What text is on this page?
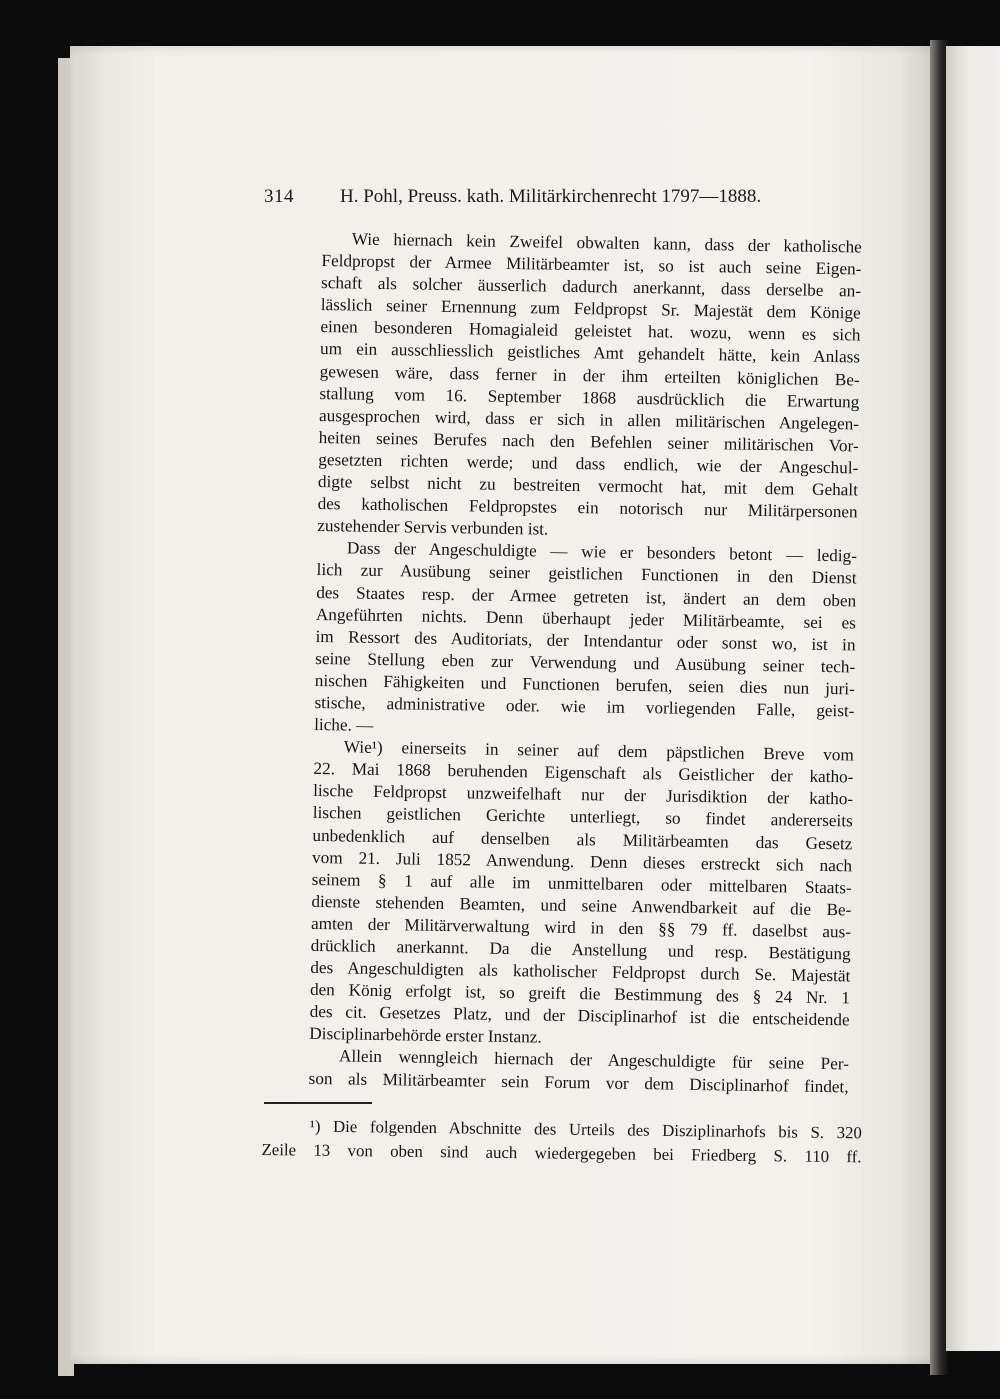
314 H. Pohl, Preuss. kath. Militärkirchenrecht 1797—1888.
Wie hiernach kein Zweifel obwalten kann, dass der katholische
Feldpropst der Armee Militärbeamter ist, so ist auch seine Eigen-
schaft als solcher äusserlich dadurch anerkannt, dass derselbe an-
lässlich seiner Ernennung zum Feldpropst Sr. Majestät dem Könige
einen besonderen Homagialeid geleistet hat. wozu, wenn es sich
um ein ausschliesslich geistliches Amt gehandelt hätte, kein Anlass
gewesen wäre, dass ferner in der ihm erteilten königlichen Be-
stallung vom 16. September 1868 ausdrücklich die Erwartung
ausgesprochen wird, dass er sich in allen militärischen Angelegen-
heiten seines Berufes nach den Befehlen seiner militärischen Vor-
gesetzten richten werde; und dass endlich, wie der Angeschul-
digte selbst nicht zu bestreiten vermocht hat, mit dem Gehalt
des katholischen Feldpropstes ein notorisch nur Militärpersonen
zustehender Servis verbunden ist.
Dass der Angeschuldigte — wie er besonders betont — ledig-
lich zur Ausübung seiner geistlichen Functionen in den Dienst
des Staates resp. der Armee getreten ist, ändert an dem oben
Angeführten nichts. Denn überhaupt jeder Militärbeamte, sei es
im Ressort des Auditoriats, der Intendantur oder sonst wo, ist in
seine Stellung eben zur Verwendung und Ausübung seiner tech-
nischen Fähigkeiten und Functionen berufen, seien dies nun juri-
stische, administrative oder. wie im vorliegenden Falle, geist-
liche. —
Wie¹) einerseits in seiner auf dem päpstlichen Breve vom
22. Mai 1868 beruhenden Eigenschaft als Geistlicher der katho-
lische Feldpropst unzweifelhaft nur der Jurisdiktion der katho-
lischen geistlichen Gerichte unterliegt, so findet andererseits
unbedenklich auf denselben als Militärbeamten das Gesetz
vom 21. Juli 1852 Anwendung. Denn dieses erstreckt sich nach
seinem § 1 auf alle im unmittelbaren oder mittelbaren Staats-
dienste stehenden Beamten, und seine Anwendbarkeit auf die Be-
amten der Militärverwaltung wird in den §§ 79 ff. daselbst aus-
drücklich anerkannt. Da die Anstellung und resp. Bestätigung
des Angeschuldigten als katholischer Feldpropst durch Se. Majestät
den König erfolgt ist, so greift die Bestimmung des § 24 Nr. 1
des cit. Gesetzes Platz, und der Disciplinarhof ist die entscheidende
Disciplinarbehörde erster Instanz.
Allein wenngleich hiernach der Angeschuldigte für seine Per-
son als Militärbeamter sein Forum vor dem Disciplinarhof findet,
¹) Die folgenden Abschnitte des Urteils des Disziplinarhofs bis S. 320
Zeile 13 von oben sind auch wiedergegeben bei Friedberg S. 110 ff.
